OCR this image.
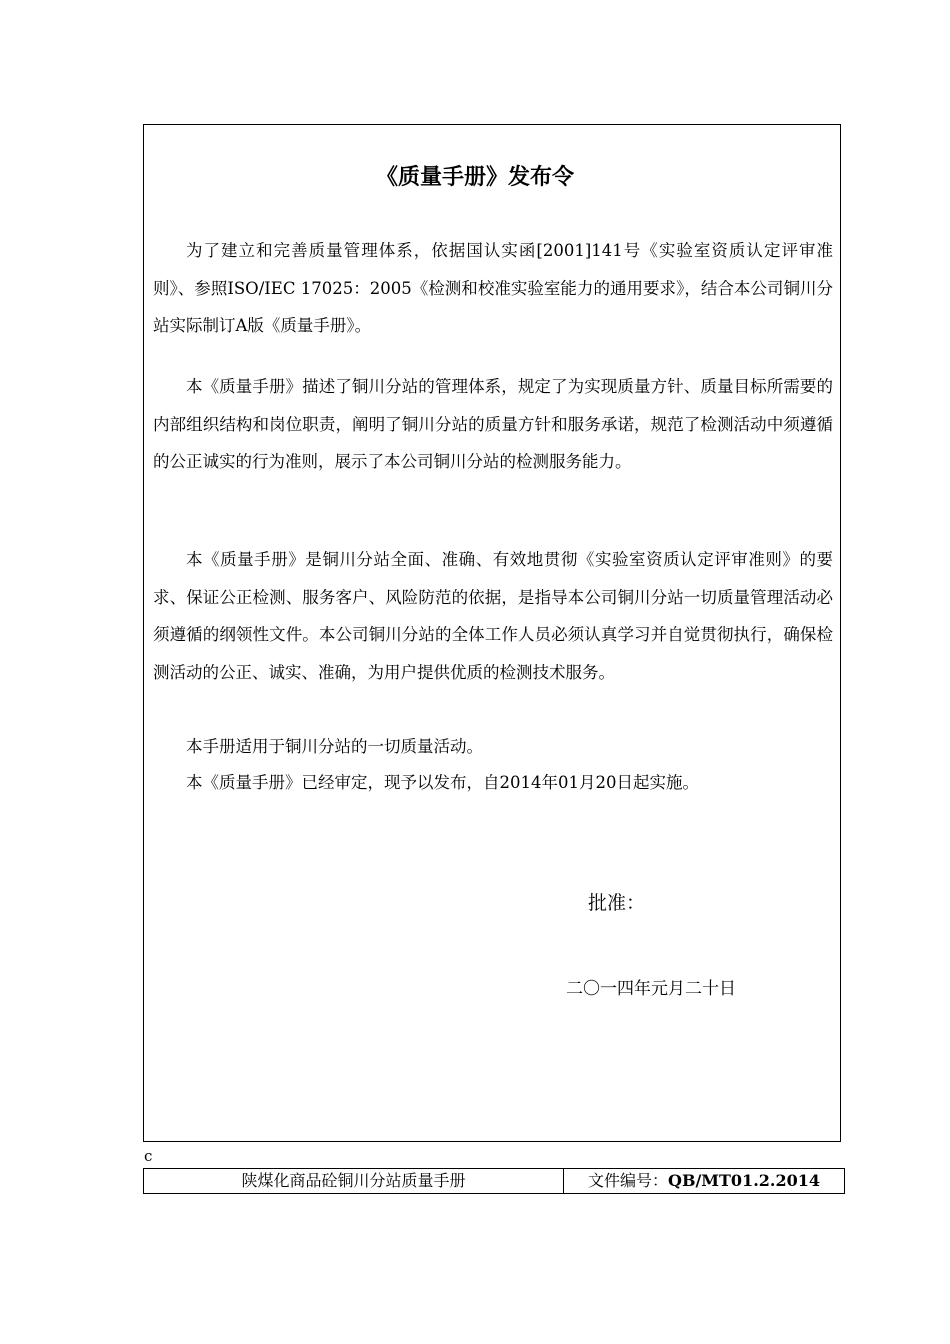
《质量手册》发布令

为了建立和完善质量管理体系，依据国认实函[2001]141号《实验室资质认定评审准则》、参照ISO/IEC 17025：2005《检测和校准实验室能力的通用要求》，结合本公司铜川分站实际制订A版《质量手册》。

本《质量手册》描述了铜川分站的管理体系，规定了为实现质量方针、质量目标所需要的内部组织结构和岗位职责，阐明了铜川分站的质量方针和服务承诺，规范了检测活动中须遵循的公正诚实的行为准则，展示了本公司铜川分站的检测服务能力。

本《质量手册》是铜川分站全面、准确、有效地贯彻《实验室资质认定评审准则》的要求、保证公正检测、服务客户、风险防范的依据，是指导本公司铜川分站一切质量管理活动必须遵循的纲领性文件。本公司铜川分站的全体工作人员必须认真学习并自觉贯彻执行，确保检测活动的公正、诚实、准确，为用户提供优质的检测技术服务。

本手册适用于铜川分站的一切质量活动。

本《质量手册》已经审定，现予以发布，自2014年01月20日起实施。

批准：

二〇一四年元月二十日

c
陕煤化商品砼铜川分站质量手册	文件编号：QB/MT01.2.2014
